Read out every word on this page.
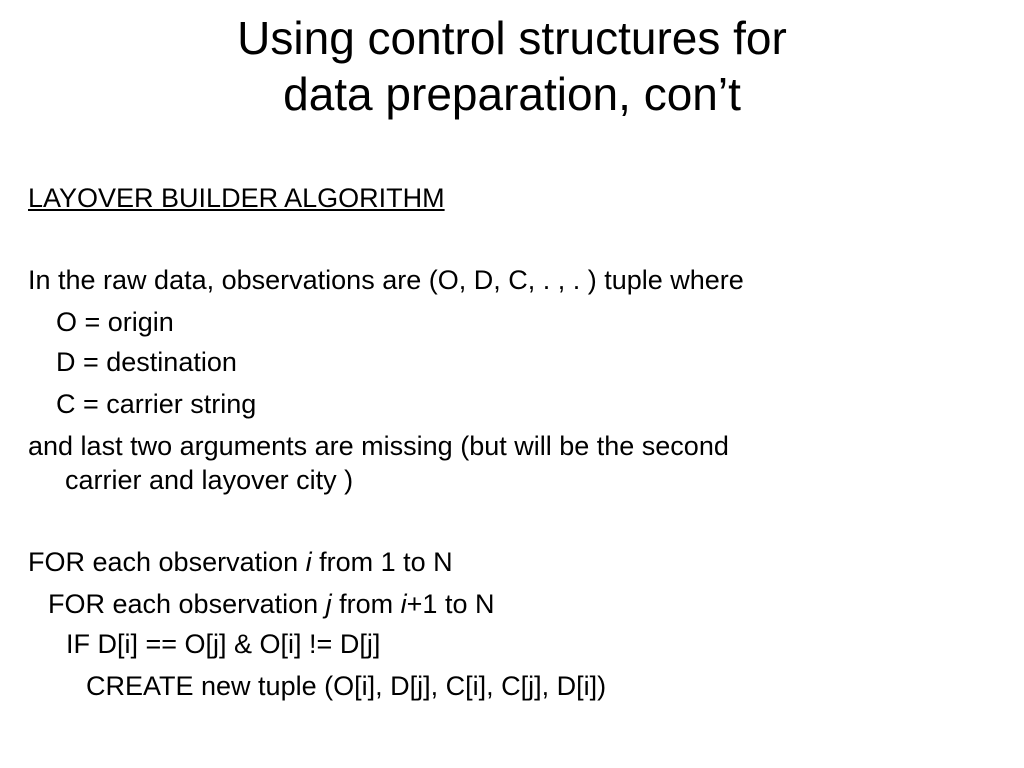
Using control structures for
data preparation, con’t
LAYOVER BUILDER ALGORITHM
In the raw data, observations are (O, D, C, . , . ) tuple where
O = origin
D = destination
C = carrier string
and last two arguments are missing (but will be the second
carrier and layover city )
FOR each observation i from 1 to N
FOR each observation j from i+1 to N
IF D[i] == O[j] & O[i] != D[j]
CREATE new tuple (O[i], D[j], C[i], C[j], D[i])
